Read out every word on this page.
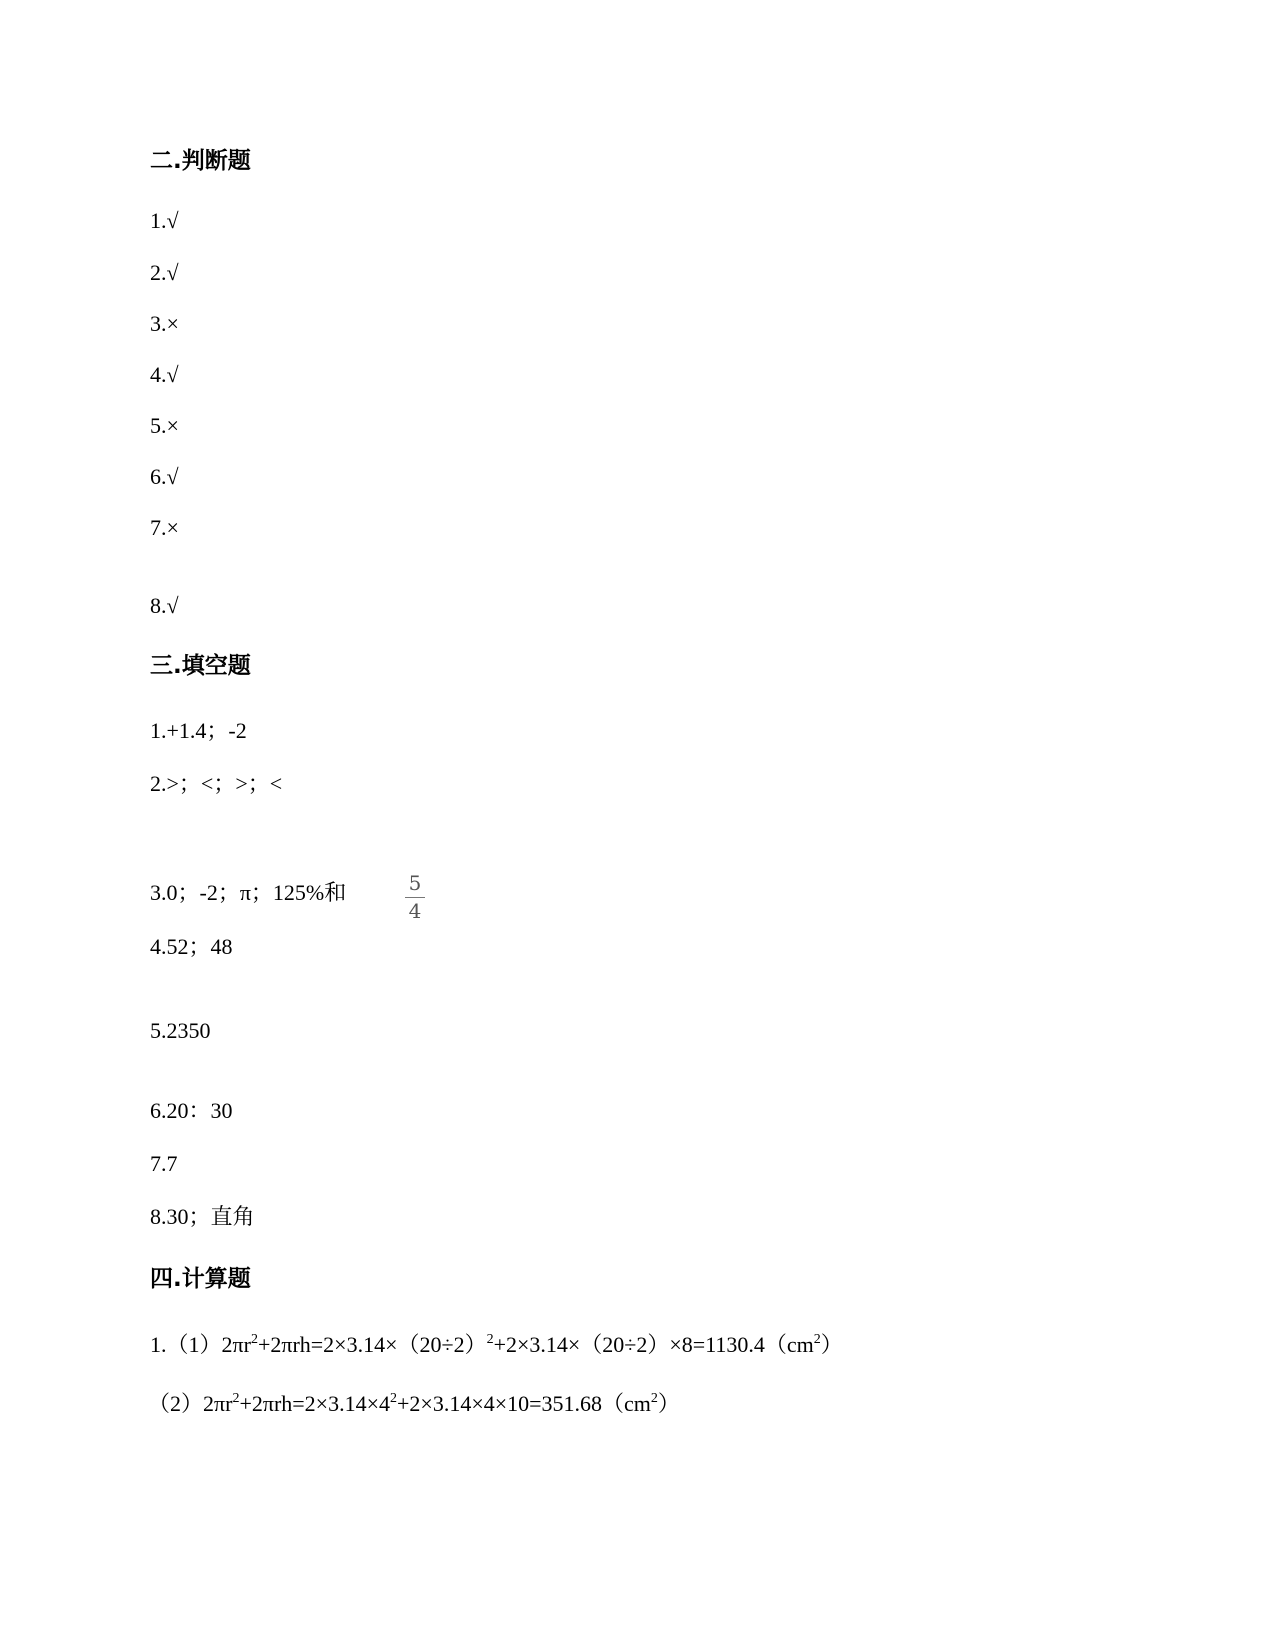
二.判断题
1.√
2.√
3.×
4.√
5.×
6.√
7.×
8.√
三.填空题
1.+1.4；-2
2.>；<；>；<
3.0；-2；π；125%和	5
4
4.52；48
5.2350
6.20：30
7.7
8.30；直角
四.计算题
$1.(1)2\pi r^2+2\pi rh=2\times 3.14\times(20\div 2)^2+2\times 3.14\times(20\div 2)\times 8=1130.4(cm^2)$
$(2)2\pi r^2+2\pi rh=2\times 3.14\times 4^2+2\times 3.14\times 4\times 10=351.68(cm^2)$
